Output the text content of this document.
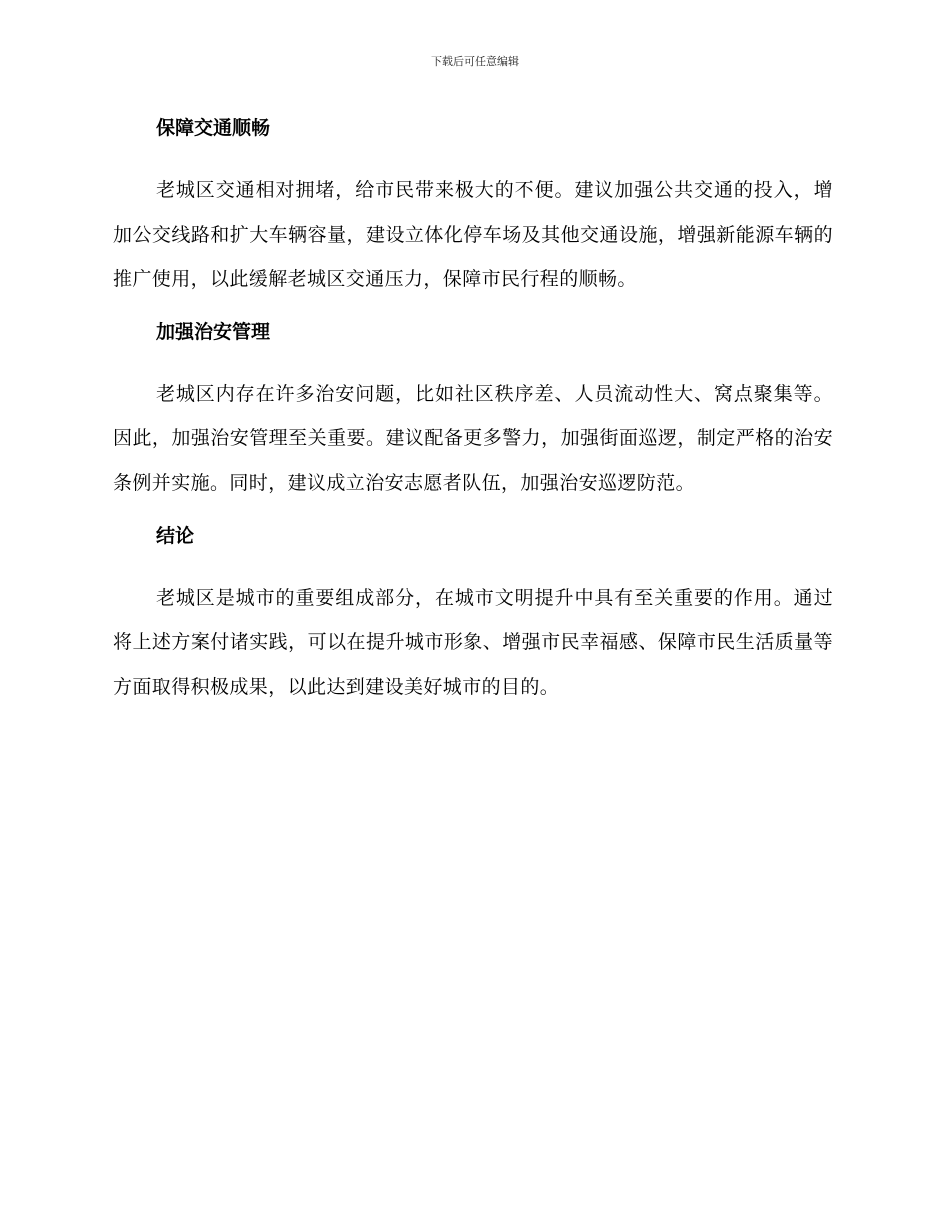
下载后可任意编辑
保障交通顺畅

老城区交通相对拥堵，给市民带来极大的不便。建议加强公共交通的投入，增加公交线路和扩大车辆容量，建设立体化停车场及其他交通设施，增强新能源车辆的推广使用，以此缓解老城区交通压力，保障市民行程的顺畅。

加强治安管理

老城区内存在许多治安问题，比如社区秩序差、人员流动性大、窝点聚集等。因此，加强治安管理至关重要。建议配备更多警力，加强街面巡逻，制定严格的治安条例并实施。同时，建议成立治安志愿者队伍，加强治安巡逻防范。

结论

老城区是城市的重要组成部分，在城市文明提升中具有至关重要的作用。通过将上述方案付诸实践，可以在提升城市形象、增强市民幸福感、保障市民生活质量等方面取得积极成果，以此达到建设美好城市的目的。
